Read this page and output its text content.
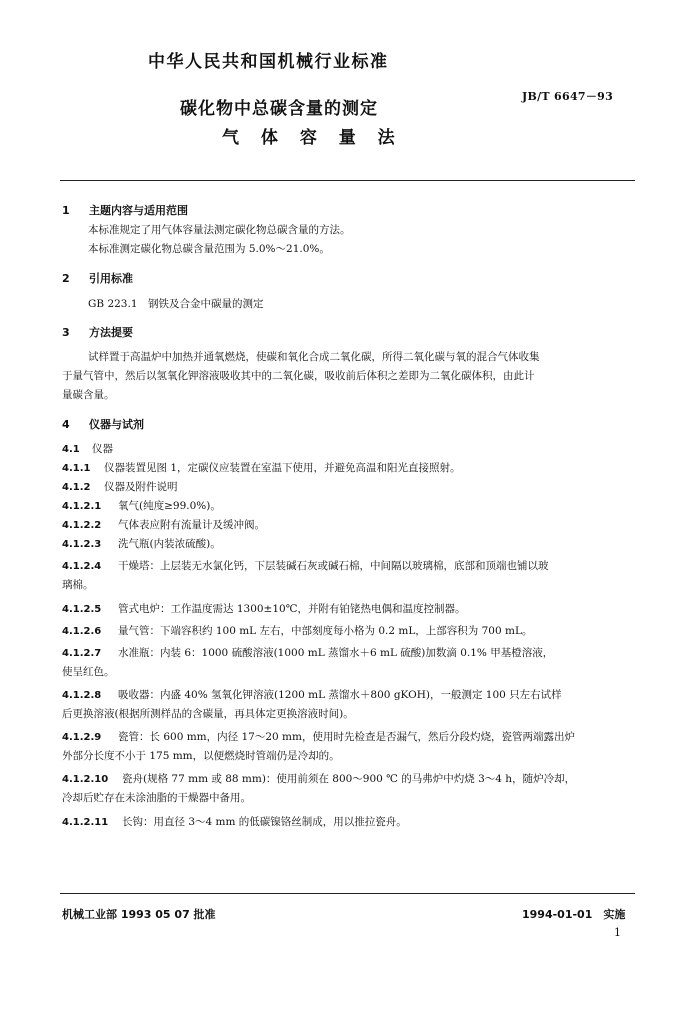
中华人民共和国机械行业标准
JB/T 6647－93
碳化物中总碳含量的测定
气 体 容 量 法
1 主题内容与适用范围
本标准规定了用气体容量法测定碳化物总碳含量的方法。
本标准测定碳化物总碳含量范围为 5.0%～21.0%。
2 引用标准
GB 223.1　钢铁及合金中碳量的测定
3 方法提要
试样置于高温炉中加热并通氧燃烧，使碳和氧化合成二氧化碳，所得二氧化碳与氧的混合气体收集
于量气管中，然后以氢氧化钾溶液吸收其中的二氧化碳，吸收前后体积之差即为二氧化碳体积，由此计
量碳含量。
4 仪器与试剂
4.1 仪器
4.1.1 仪器装置见图 1，定碳仪应装置在室温下使用，并避免高温和阳光直接照射。
4.1.2 仪器及附件说明
4.1.2.1 氧气(纯度≥99.0%)。
4.1.2.2 气体表应附有流量计及缓冲阀。
4.1.2.3 洗气瓶(内装浓硫酸)。
4.1.2.4 干燥塔：上层装无水氯化钙，下层装碱石灰或碱石棉，中间隔以玻璃棉，底部和顶端也铺以玻
璃棉。
4.1.2.5 管式电炉：工作温度需达 1300±10℃，并附有铂铑热电偶和温度控制器。
4.1.2.6 量气管：下端容积约 100 mL 左右，中部刻度每小格为 0.2 mL，上部容积为 700 mL。
4.1.2.7 水准瓶：内装 6：1000 硫酸溶液(1000 mL 蒸馏水＋6 mL 硫酸)加数滴 0.1% 甲基橙溶液，
使呈红色。
4.1.2.8 吸收器：内盛 40% 氢氧化钾溶液(1200 mL 蒸馏水＋800 gKOH)，一般测定 100 只左右试样
后更换溶液(根据所测样品的含碳量，再具体定更换溶液时间)。
4.1.2.9 瓷管：长 600 mm，内径 17～20 mm，使用时先检查是否漏气，然后分段灼烧，瓷管两端露出炉
外部分长度不小于 175 mm，以便燃烧时管端仍是冷却的。
4.1.2.10 瓷舟(规格 77 mm 或 88 mm)：使用前须在 800～900 ℃ 的马弗炉中灼烧 3～4 h，随炉冷却，
冷却后贮存在未涂油脂的干燥器中备用。
4.1.2.11 长钩：用直径 3～4 mm 的低碳镍铬丝制成，用以推拉瓷舟。
机械工业部 1993 05 07 批准	1994-01-01　实施
1
